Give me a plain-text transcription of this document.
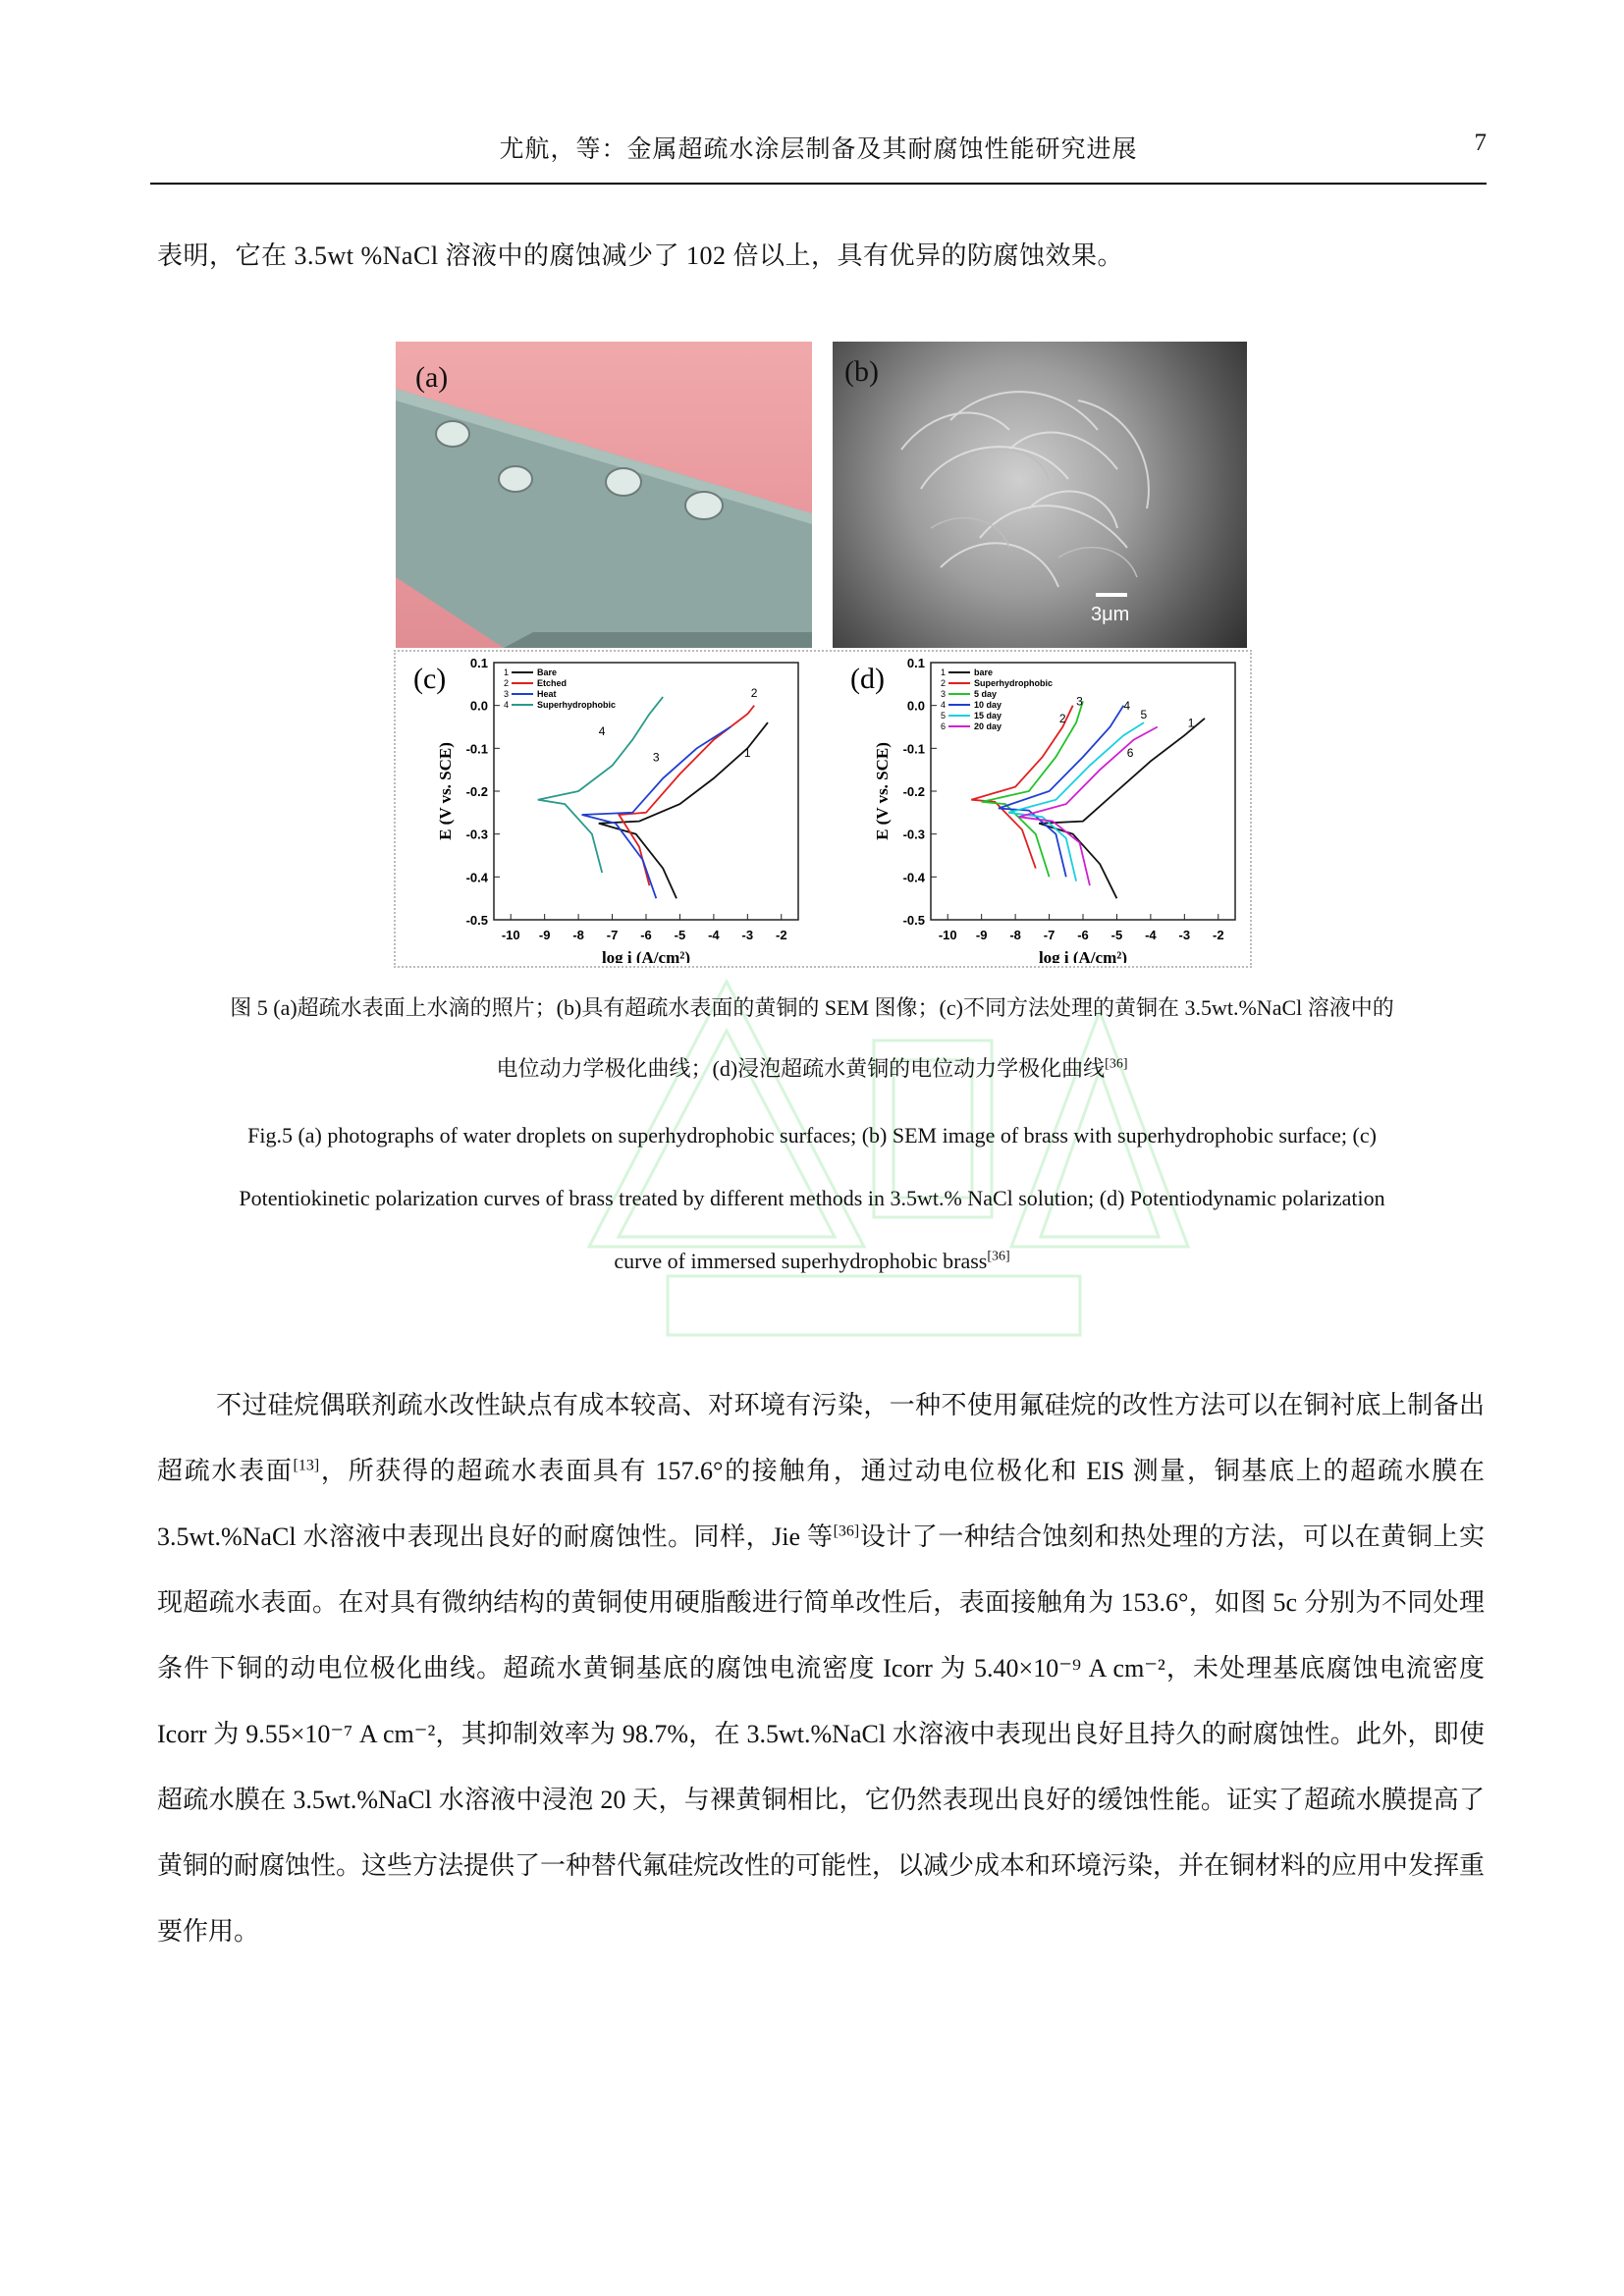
尤航，等：金属超疏水涂层制备及其耐腐蚀性能研究进展	7
表明，它在 3.5wt %NaCl 溶液中的腐蚀减少了 102 倍以上，具有优异的防腐蚀效果。
(a)	(b)
3μm
0.1
0.0
-0.1
-0.2
-0.3
-0.4
-0.5
-10 -9 -8 -7 -6 -5 -4 -3 -2
log i (A/cm²)
E (V vs. SCE)
(c)	1	Bare
2	Etched
3	Heat
4	Superhydrophobic
1
2
3
4
0.1
0.0
-0.1
-0.2
-0.3
-0.4
-0.5
-10 -9 -8 -7 -6 -5 -4 -3 -2
log i (A/cm²)
E (V vs. SCE)
(d)	1	bare
2	Superhydrophobic
3	5 day
4	10 day
5	15 day
6	20 day	1
2
3	4
5
6
图 5 (a)超疏水表面上水滴的照片；(b)具有超疏水表面的黄铜的 SEM 图像；(c)不同方法处理的黄铜在 3.5wt.%NaCl 溶液中的
电位动力学极化曲线；(d)浸泡超疏水黄铜的电位动力学极化曲线[36]
Fig.5 (a) photographs of water droplets on superhydrophobic surfaces; (b) SEM image of brass with superhydrophobic surface; (c)
Potentiokinetic polarization curves of brass treated by different methods in 3.5wt.% NaCl solution; (d) Potentiodynamic polarization
curve of immersed superhydrophobic brass[36]

不过硅烷偶联剂疏水改性缺点有成本较高、对环境有污染，一种不使用氟硅烷的改性方法可以在铜衬底上制备出超疏水表面[13]，所获得的超疏水表面具有 157.6°的接触角，通过动电位极化和 EIS 测量，铜基底上的超疏水膜在 3.5wt.%NaCl 水溶液中表现出良好的耐腐蚀性。同样，Jie 等[36]设计了一种结合蚀刻和热处理的方法，可以在黄铜上实现超疏水表面。在对具有微纳结构的黄铜使用硬脂酸进行简单改性后，表面接触角为 153.6°，如图 5c 分别为不同处理条件下铜的动电位极化曲线。超疏水黄铜基底的腐蚀电流密度 Icorr 为 5.40×10⁻⁹ A cm⁻²，未处理基底腐蚀电流密度 Icorr 为 9.55×10⁻⁷ A cm⁻²，其抑制效率为 98.7%，在 3.5wt.%NaCl 水溶液中表现出良好且持久的耐腐蚀性。此外，即使超疏水膜在 3.5wt.%NaCl 水溶液中浸泡 20 天，与裸黄铜相比，它仍然表现出良好的缓蚀性能。证实了超疏水膜提高了黄铜的耐腐蚀性。这些方法提供了一种替代氟硅烷改性的可能性，以减少成本和环境污染，并在铜材料的应用中发挥重要作用。
